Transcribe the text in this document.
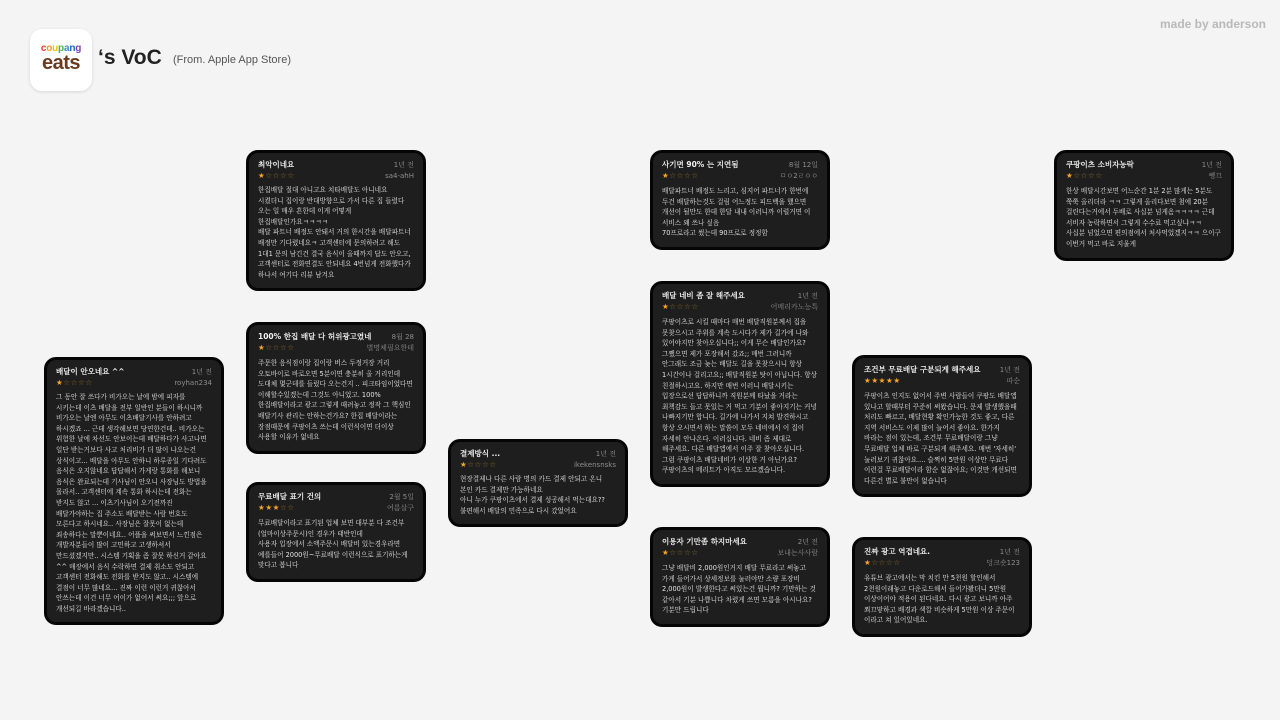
made by anderson
coupang
eats ‘s VoC (From. Apple App Store)
최악이네요	1년 전
★☆☆☆☆	sa4-ahH
한집배달 절대 아니고요 치타배달도 아니네요 시켰더니 집이랑 반대방향으로 가서 다른 집 들렸다 오는 일 매우 흔한데 이게 어떻게 한집배달인가요ㅋㅋㅋㅋ
배달 파트너 배정도 안돼서 거의 한시간을 배달파트너 배정만 기다렸네요ㅋ 고객센터에 문의하려고 해도 1대1 문의 남긴건 결국 음식이 올때까지 답도 안오고, 고객센터로 전화연결도 안되네요 4번넘게 전화했다가 하나서 여기다 리뷰 남겨요
100% 한집 배달 다 허위광고였네	8월 28
★☆☆☆☆	별명체필요한데
주문한 음식점이랑 집이랑 버스 두정거장 거리 오토바이로 바로오면 5분이면 충분히 올 거리인데 도대체 몇군데를 들렀다 오는건지 .. 피크타임이었다면 이해할수있겠는데 그것도 아니었고. 100%한집배달이라고 광고 그렇게 때려놓고 정작 그 핵심인 배달기사 관리는 안하는건가요? 한집 배달이라는 장점때문에 쿠팡이츠 쓰는데 이런식이면 더이상 사용할 이유가 없네요
무료배달 표기 건의	2월 5일
★★★☆☆	여름살구
무료배달이라고 표기된 업체 보면 대부분 다 조건부 (얼마이상주문시)인 경우가 태반인데
사용자 입장에서 소액주문시 배달비 있는경우라면 예를들어 2000원~무료배달 이런식으로 표기하는게 맞다고 봅니다
배달이 안오네요 ^^	1년 전
★☆☆☆☆	royhan234
그 동안 잘 쓰다가 비가오는 날에 밤에 피자를 시키는데 이츠 배달을 전부 일반인 분들이 하시니까 비가오는 날엔 아무도 이츠배달기사를 안하려고 하시겠죠 ... 근데 생각해보면 당연한건데.. 비가오는 위험한 날에 차선도 안보이는데 배달하다가 사고나면 일단 받는거보다 사고 처리비가 더 많이 나오는건 상식이고... 배달을 아무도 안하니 하루종일 기다려도 음식은 오지않네요 답답해서 가게랑 통화를 해보니 음식은 완료되는데 기사님이 안오니 사장님도 방법을 몰라서.. 고객센터에 계속 통화 하시는데 전화는 받지도 않고 ... 이츠기사님이 오기전까진 배달가야하는 집 주소도 배달받는 사람 번호도 모른다고 하시네요.. 사장님은 잘못이 없는데 죄송하다는 말뿐이네요.. 어플을 써보면서 느낀점은 개발자분들이 많이 고민하고 고생하셔서 만드셨겠지만.. 시스템 기획을 좀 잘못 하신거 같아요 ^^ 매장에서 음식 수락하면 결제 취소도 안되고 고객센터 전화해도 전화를 받지도 않고.. 시스템에 결점이 너무 많네요... 진짜 이런 이런거 귀찮아서 안쓰는데 이건 너무 어이가 없어서 써요;;; 앞으로 개선되길 바라겠습니다..
결제방식 ...	1년 전
★☆☆☆☆	ikekensnsks
현장결제나 다른 사람 명의 카드 결제 안되고 온니 본인 카드 결제만 가능하네요
아니 누가 쿠팡이츠에서 결제 성공해서 먹는대요?? 불편해서 배달의 민족으로 다시 갔었어요
사기면 90% 는 지연됨	8월 12일
★☆☆☆☆	ㅁㅇ2ㄹㅇㅇ
배달파트너 배정도 느리고, 심지어 파트너가 한번에 두건 배달하는것도 걸림 어느정도 피드백을 했으면 개선이 될만도 한데 한달 내내 이러니까 이럴거면 이 서비스 왜 쓰나 싶음
70프로라고 썼는데 90프로로 정정함
배달 네비 좀 잘 해주세요	1년 전
★☆☆☆☆	어메리카노능특
쿠팡이츠로 시킬 때마다 매번 배달직원분께서 집을 못찾으시고 주위를 계속 도시다가 제가 길가에 나와 있어야지만 찾아오십니다;; 이게 무슨 배달인가요? 그쨌으면 제가 포장해서 갔죠;; 매번 그러니까 안그래도 조금 늦는 배달도 길을 못찾으시니 항상 1시간이나 걸리고요;; 배달직원분 탓이 아닙니다. 항상 친절하시고요. 하지만 매번 이러니 배달시키는 입장으로선 답답하니까 직원분께 타났을 거라는 최책감도 들고 못있는 거 먹고 기분이 좋아지기는 커녕 나빠지기만 합니다. 길가에 나가서 지쳐 발견하시고 항상 오시면서 하는 말씀이 모두 네비에서 이 집이 자세히 안나온다. 이러십니다. 네비 좀 제대로 해주세요. 다른 배달앱에서 이주 잘 찾아오십니다. 그럼 쿠팡이츠 배달네비가 이상한 거 아닌가요? 쿠팡이츠의 메리트가 아직도 모르겠습니다.
이용자 기만좀 하지마세요	2년 전
★☆☆☆☆	보내는사사람
그냥 배달비 2,000원인거지 배달 무료라고 써놓고 가게 들어가서 상세정보를 눌러야만 소량 포장비 2,000원이 발생한다고 써있는건 뭡니까? 기만하는 것 같아서 기분 나쁩니다 차렸게 쓰면 모름을 아시나요? 기분만 드립니다
쿠팡이츠 소비자농락	1년 전
★☆☆☆☆	뺑끄
한상 배달시간보면 어느순간 1분 2분 많게는 5분도 쭉쭉 올리더라 ㅋㅋ 그렇게 올리다보면 첨에 20분 걸린다는거에서 두배로 사십분 넘게옴ㅋㅋㅋㅋ 근데 서비자 농락하면서 그렇게 수수료 먹고싶냐ㅋㅋ 사십분 넘었으면 편의점에서 처사먹었겠지ㅋㅋ 으이구 이번거 먹고 바로 지울게
조건부 무료배달 구분되게 해주세요	1년 전
★★★★★	따순
쿠팡이츠 인지도 없어서 주변 사람들이 쿠팡도 배달앱 있나고 할때부터 꾸준히 써왔습니다. 문제 발생했을때 처리도 빠르고, 배달현황 확인가능한 것도 좋고, 다른 지역 서비스도 이제 많이 늘어서 좋아요. 한가지 바라는 점이 있는데, 조건부 무료배달이랑 그냥 무료배달 업체 바로 구분되게 해주세요. 매번 '자세히' 눌러보기 귀찮아요.... 슬쩍히 5만원 이상만 무료다 이런걸 무료배달이라 함순 없잖아요; 이것만 개선되면 다른건 별로 불만이 없습니다
진짜 광고 역겹네요.	1년 전
★☆☆☆☆	덩크숏123
유튜브 광고에서는 막 치킨 만 5천원 할인해서 2천원이래놓고 다운로드해서 들어가봤더니 5만원 이상이어야 적용이 된다네요. 다시 광고 보니까 아주 쬐끄맣하고 배경과 색깔 비슷하게 5만원 이상 주문이 이라고 쳐 있어있네요.
